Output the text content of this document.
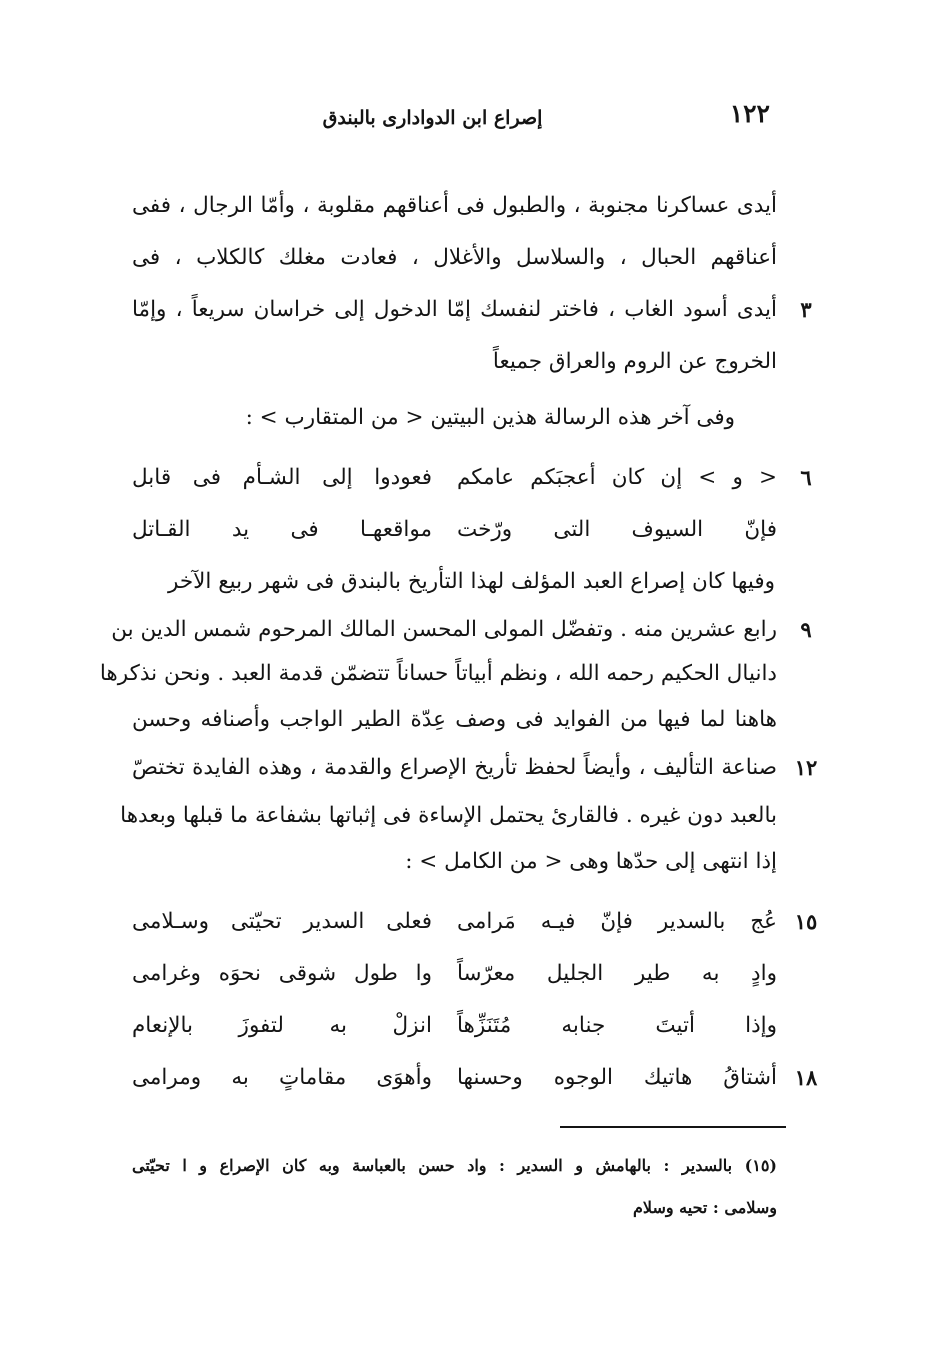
١٢٢
إصراع ابن الدوادارى بالبندق
أيدى عساكرنا مجنوبة ، والطبول فى أعناقهم مقلوبة ، وأمّا الرجال ، ففى
أعناقهم الحبال ، والسلاسل والأغلال ، فعادت مغلك كالكلاب ، فى
٣
أيدى أسود الغاب ، فاختر لنفسك إمّا الدخول إلى خراسان سريعاً ، وإمّا
الخروج عن الروم والعراق جميعاً
وفى آخر هذه الرسالة هذين البيتين < من المتقارب > :
٦
< و > إن كان أعجبَكم عامكم
فعودوا إلى الشـأم فى قابل
فإنّ السيوف التى ورّخت
مواقعهـا فى يد القـاتل
وفيها كان إصراع العبد المؤلف لهذا التأريخ بالبندق فى شهر ربيع الآخر
٩
رابع عشرين منه . وتفضّل المولى المحسن المالك المرحوم شمس الدين بن
دانيال الحكيم رحمه الله ، ونظم أبياتاً حساناً تتضمّن قدمة العبد . ونحن نذكرها
هاهنا لما فيها من الفوايد فى وصف عِدّة الطير الواجب وأصنافه وحسن
١٢
صناعة التأليف ، وأيضاً لحفظ تأريخ الإصراع والقدمة ، وهذه الفايدة تختصّ
بالعبد دون غيره . فالقارئ يحتمل الإساءة فى إثباتها بشفاعة ما قبلها وبعدها
إذا انتهى إلى حدّها وهى < من الكامل > :
١٥
عُج بالسدير فإنّ فيـه مَرامى
فعلى السدير تحيّتى وسـلامى
وادٍ به طير الجليل معرّساً
وا طول شوقى نحوَه وغرامى
وإذا أتيتَ جنابه مُتَنَزِّهاً
انزلْ به لتفوزَ بالإنعام
١٨
أشتاقُ هاتيك الوجوه وحسنها
وأهوَى مقاماتٍ به ومرامى
(١٥) بالسدير : بالهامش و السدير : واد حسن بالعباسة وبه كان الإصراع و ا تحيّتى
وسلامى : تحيه وسلام
